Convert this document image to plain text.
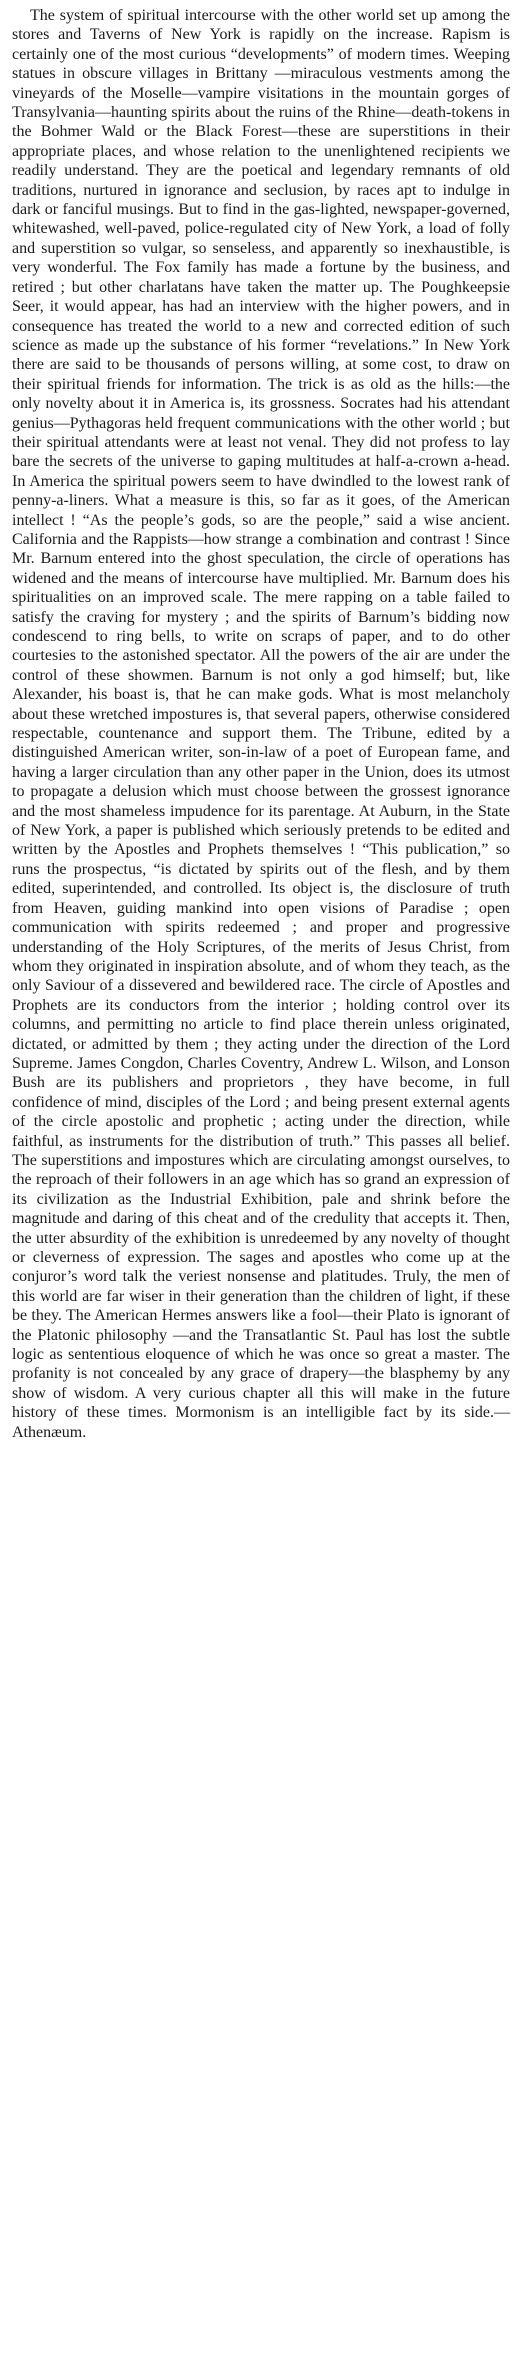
The system of spiritual intercourse with the other world set up among the stores and Taverns of New York is rapidly on the increase. Rapism is certainly one of the most curious “developments” of modern times. Weeping statues in obscure villages in Brittany —miraculous vestments among the vineyards of the Moselle—vampire visitations in the mountain gorges of Transylvania—haunting spirits about the ruins of the Rhine—death-tokens in the Bohmer Wald or the Black Forest—these are superstitions in their appropriate places, and whose relation to the unenlightened recipients we readily understand. They are the poetical and legendary remnants of old traditions, nurtured in ignorance and seclusion, by races apt to indulge in dark or fanciful musings. But to find in the gas-lighted, newspaper-governed, whitewashed, well-paved, police-regulated city of New York, a load of folly and superstition so vulgar, so senseless, and apparently so inexhaustible, is very wonderful. The Fox family has made a fortune by the business, and retired ; but other charlatans have taken the matter up. The Poughkeepsie Seer, it would appear, has had an interview with the higher powers, and in consequence has treated the world to a new and corrected edition of such science as made up the substance of his former “revelations.” In New York there are said to be thousands of persons willing, at some cost, to draw on their spiritual friends for information. The trick is as old as the hills:—the only novelty about it in America is, its grossness. Socrates had his attendant genius—Pythagoras held frequent communications with the other world ; but their spiritual attendants were at least not venal. They did not profess to lay bare the secrets of the universe to gaping multitudes at half-a-crown a-head. In America the spiritual powers seem to have dwindled to the lowest rank of penny-a-liners. What a measure is this, so far as it goes, of the American intellect ! “As the people’s gods, so are the people,” said a wise ancient. California and the Rappists—how strange a combination and contrast ! Since Mr. Barnum entered into the ghost speculation, the circle of operations has widened and the means of intercourse have multiplied. Mr. Barnum does his spiritualities on an improved scale. The mere rapping on a table failed to satisfy the craving for mystery ; and the spirits of Barnum’s bidding now condescend to ring bells, to write on scraps of paper, and to do other courtesies to the astonished spectator. All the powers of the air are under the control of these showmen. Barnum is not only a god himself; but, like Alexander, his boast is, that he can make gods. What is most melancholy about these wretched impostures is, that several papers, otherwise considered respectable, countenance and support them. The Tribune, edited by a distinguished American writer, son-in-law of a poet of European fame, and having a larger circulation than any other paper in the Union, does its utmost to propagate a delusion which must choose between the grossest ignorance and the most shameless impudence for its parentage. At Auburn, in the State of New York, a paper is published which seriously pretends to be edited and written by the Apostles and Prophets themselves ! “This publication,” so runs the prospectus, “is dictated by spirits out of the flesh, and by them edited, superintended, and controlled. Its object is, the disclosure of truth from Heaven, guiding mankind into open visions of Paradise ; open communication with spirits redeemed ; and proper and progressive understanding of the Holy Scriptures, of the merits of Jesus Christ, from whom they originated in inspiration absolute, and of whom they teach, as the only Saviour of a dissevered and bewildered race. The circle of Apostles and Prophets are its conductors from the interior ; holding control over its columns, and permitting no article to find place therein unless originated, dictated, or admitted by them ; they acting under the direction of the Lord Supreme. James Congdon, Charles Coventry, Andrew L. Wilson, and Lonson Bush are its publishers and proprietors , they have become, in full confidence of mind, disciples of the Lord ; and being present external agents of the circle apostolic and prophetic ; acting under the direction, while faithful, as instruments for the distribution of truth.” This passes all belief. The superstitions and impostures which are circulating amongst ourselves, to the reproach of their followers in an age which has so grand an expression of its civilization as the Industrial Exhibition, pale and shrink before the magnitude and daring of this cheat and of the credulity that accepts it. Then, the utter absurdity of the exhibition is unredeemed by any novelty of thought or cleverness of expression. The sages and apostles who come up at the conjuror’s word talk the veriest nonsense and platitudes. Truly, the men of this world are far wiser in their generation than the children of light, if these be they. The American Hermes answers like a fool—their Plato is ignorant of the Platonic philosophy —and the Transatlantic St. Paul has lost the subtle logic as sententious eloquence of which he was once so great a master. The profanity is not concealed by any grace of drapery—the blasphemy by any show of wisdom. A very curious chapter all this will make in the future history of these times. Mormonism is an intelligible fact by its side.—Athenæum.
